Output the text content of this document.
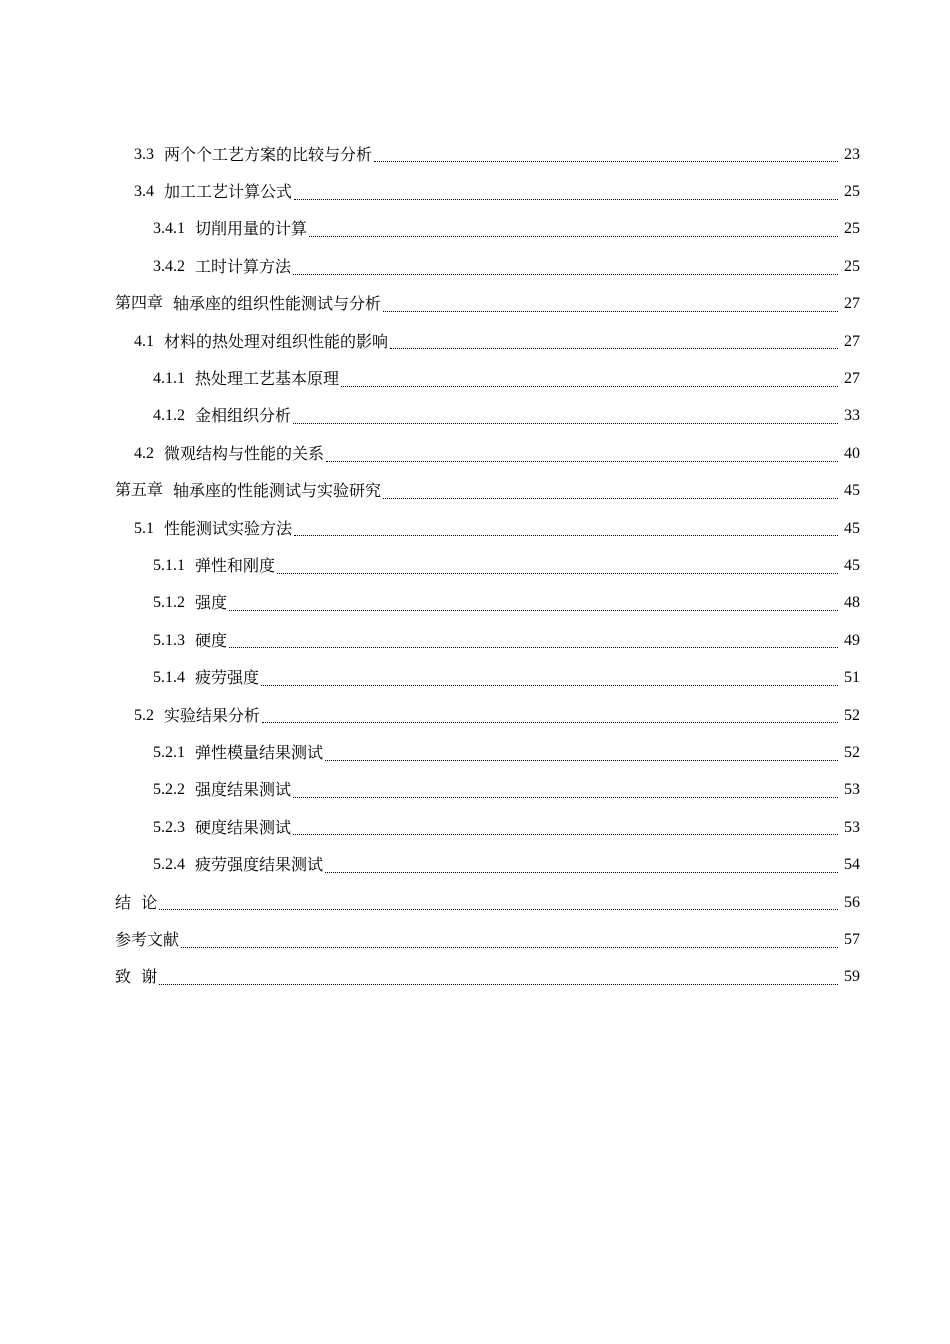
3.3 两个个工艺方案的比较与分析	23
3.4 加工工艺计算公式	25
3.4.1 切削用量的计算	25
3.4.2 工时计算方法	25
第四章 轴承座的组织性能测试与分析	27
4.1 材料的热处理对组织性能的影响	27
4.1.1 热处理工艺基本原理	27
4.1.2 金相组织分析	33
4.2 微观结构与性能的关系	40
第五章 轴承座的性能测试与实验研究	45
5.1 性能测试实验方法	45
5.1.1 弹性和刚度	45
5.1.2 强度	48
5.1.3 硬度	49
5.1.4 疲劳强度	51
5.2 实验结果分析	52
5.2.1 弹性模量结果测试	52
5.2.2 强度结果测试	53
5.2.3 硬度结果测试	53
5.2.4 疲劳强度结果测试	54
结  论	56
参考文献	57
致  谢	59
